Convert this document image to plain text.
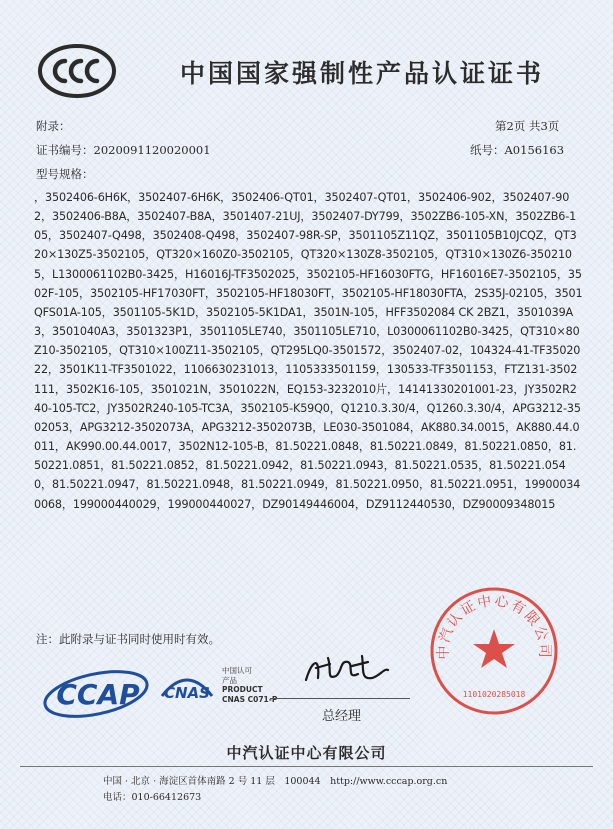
中国国家强制性产品认证证书
附录：	第2页 共3页
证书编号：2020091120020001	纸号：A0156163
型号规格：
，3502406-6H6K，3502407-6H6K，3502406-QT01，3502407-QT01，3502406-902，3502407-902，3502406-B8A，3502407-B8A，3501407-21UJ，3502407-DY799，3502ZB6-105-XN，3502ZB6-105，3502407-Q498，3502408-Q498，3502407-98R-SP，3501105Z11QZ，3501105B10JCQZ，QT320×130Z5-3502105，QT320×160Z0-3502105，QT320×130Z8-3502105，QT310×130Z6-3502105，L1300061102B0-3425，H16016J-TF3502025，3502105-HF16030FTG，HF16016E7-3502105，3502F-105，3502105-HF17030FT，3502105-HF18030FT，3502105-HF18030FTA，2S35J-02105，3501QFS01A-105，3501105-5K1D，3502105-5K1DA1，3501N-105，HFF3502084 CK 2BZ1，3501039A3，3501040A3，3501323P1，3501105LE740，3501105LE710，L0300061102B0-3425，QT310×80Z10-3502105，QT310×100Z11-3502105，QT295LQ0-3501572，3502407-02，104324-41-TF3502022，3501K11-TF3501022，1106630231013，1105333501159，130533-TF3501153，FTZ131-3502111，3502K16-105，3501021N，3501022N，EQ153-3232010片，14141330201001-23，JY3502R240-105-TC2，JY3502R240-105-TC3A，3502105-K59Q0，Q1210.3.30/4，Q1260.3.30/4，APG3212-3502053，APG3212-3502073A，APG3212-3502073B，LE030-3501084，AK880.34.0015，AK880.44.0011，AK990.00.44.0017，3502N12-105-B，81.50221.0848，81.50221.0849，81.50221.0850，81.50221.0851，81.50221.0852，81.50221.0942，81.50221.0943，81.50221.0535，81.50221.0540，81.50221.0947，81.50221.0948，81.50221.0949，81.50221.0950，81.50221.0951，199000340068，199000440029，199000440027，DZ90149446004，DZ9112440530，DZ90009348015
注：此附录与证书同时使用时有效。
中汽认证中心有限公司
1101020285018
CCAP CNAS
中国认可
产品
PRODUCT
CNAS C071-P
总经理
中汽认证中心有限公司
中国 · 北京 · 海淀区首体南路 2 号 11 层　100044　http://www.cccap.org.cn
电话：010-66412673
